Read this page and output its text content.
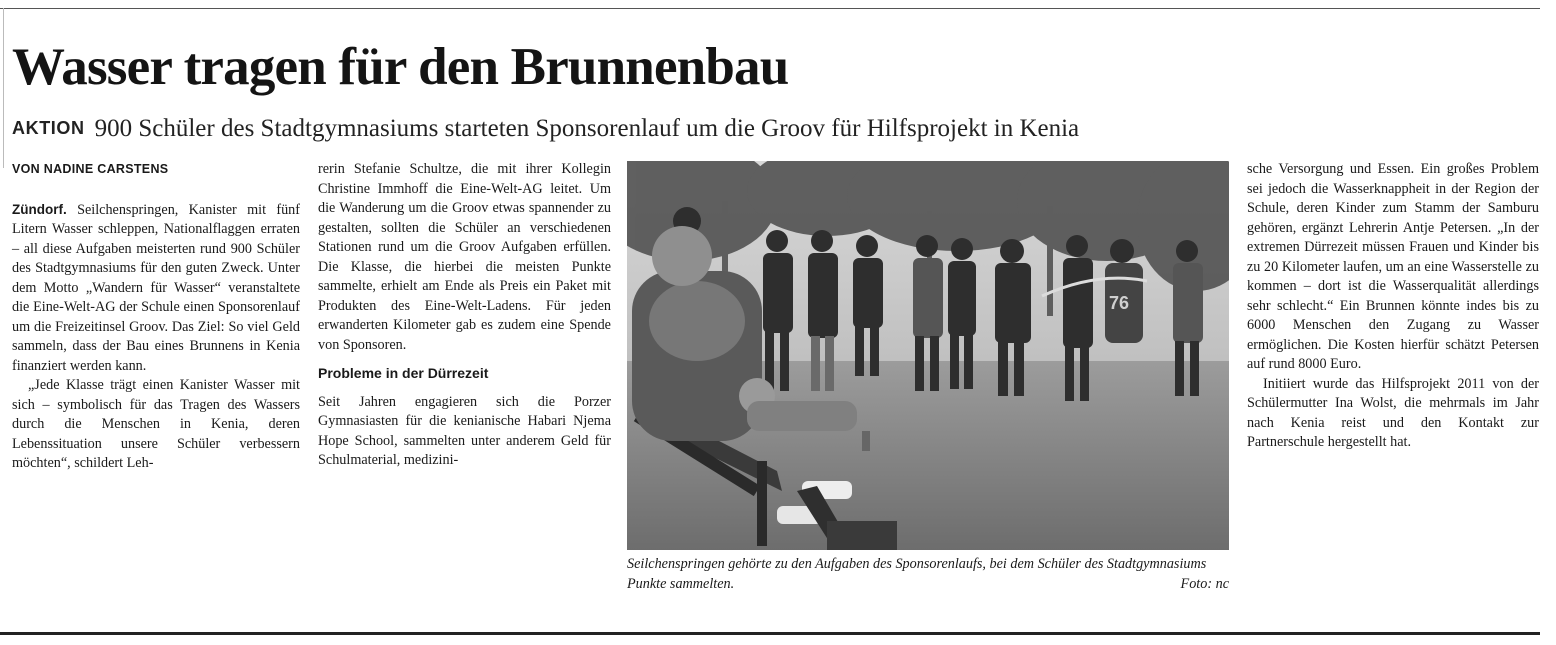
Wasser tragen für den Brunnenbau
AKTION 900 Schüler des Stadtgymnasiums starteten Sponsorenlauf um die Groov für Hilfsprojekt in Kenia

VON NADINE CARSTENS

Zündorf. Seilchenspringen, Kanister mit fünf Litern Wasser schleppen, Nationalflaggen erraten – all diese Aufgaben meisterten rund 900 Schüler des Stadtgymnasiums für den guten Zweck. Unter dem Motto „Wandern für Wasser“ veranstaltete die Eine-Welt-AG der Schule einen Sponsorenlauf um die Freizeitinsel Groov. Das Ziel: So viel Geld sammeln, dass der Bau eines Brunnens in Kenia finanziert werden kann.

„Jede Klasse trägt einen Kanister Wasser mit sich – symbolisch für das Tragen des Wassers durch die Menschen in Kenia, deren Lebenssituation unsere Schüler verbessern möchten“, schildert Leh-

rerin Stefanie Schultze, die mit ihrer Kollegin Christine Immhoff die Eine-Welt-AG leitet. Um die Wanderung um die Groov etwas spannender zu gestalten, sollten die Schüler an verschiedenen Stationen rund um die Groov Aufgaben erfüllen. Die Klasse, die hierbei die meisten Punkte sammelte, erhielt am Ende als Preis ein Paket mit Produkten des Eine-Welt-Ladens. Für jeden erwanderten Kilometer gab es zudem eine Spende von Sponsoren.

Probleme in der Dürrezeit

Seit Jahren engagieren sich die Porzer Gymnasiasten für die kenianische Habari Njema Hope School, sammelten unter anderem Geld für Schulmaterial, medizini-

76
Seilchenspringen gehörte zu den Aufgaben des Sponsorenlaufs, bei dem Schüler des Stadtgymnasiums Punkte sammelten.	Foto: nc

sche Versorgung und Essen. Ein großes Problem sei jedoch die Wasserknappheit in der Region der Schule, deren Kinder zum Stamm der Samburu gehören, ergänzt Lehrerin Antje Petersen. „In der extremen Dürrezeit müssen Frauen und Kinder bis zu 20 Kilometer laufen, um an eine Wasserstelle zu kommen – dort ist die Wasserqualität allerdings sehr schlecht.“ Ein Brunnen könnte indes bis zu 6000 Menschen den Zugang zu Wasser ermöglichen. Die Kosten hierfür schätzt Petersen auf rund 8000 Euro.

Initiiert wurde das Hilfsprojekt 2011 von der Schülermutter Ina Wolst, die mehrmals im Jahr nach Kenia reist und den Kontakt zur Partnerschule hergestellt hat.
